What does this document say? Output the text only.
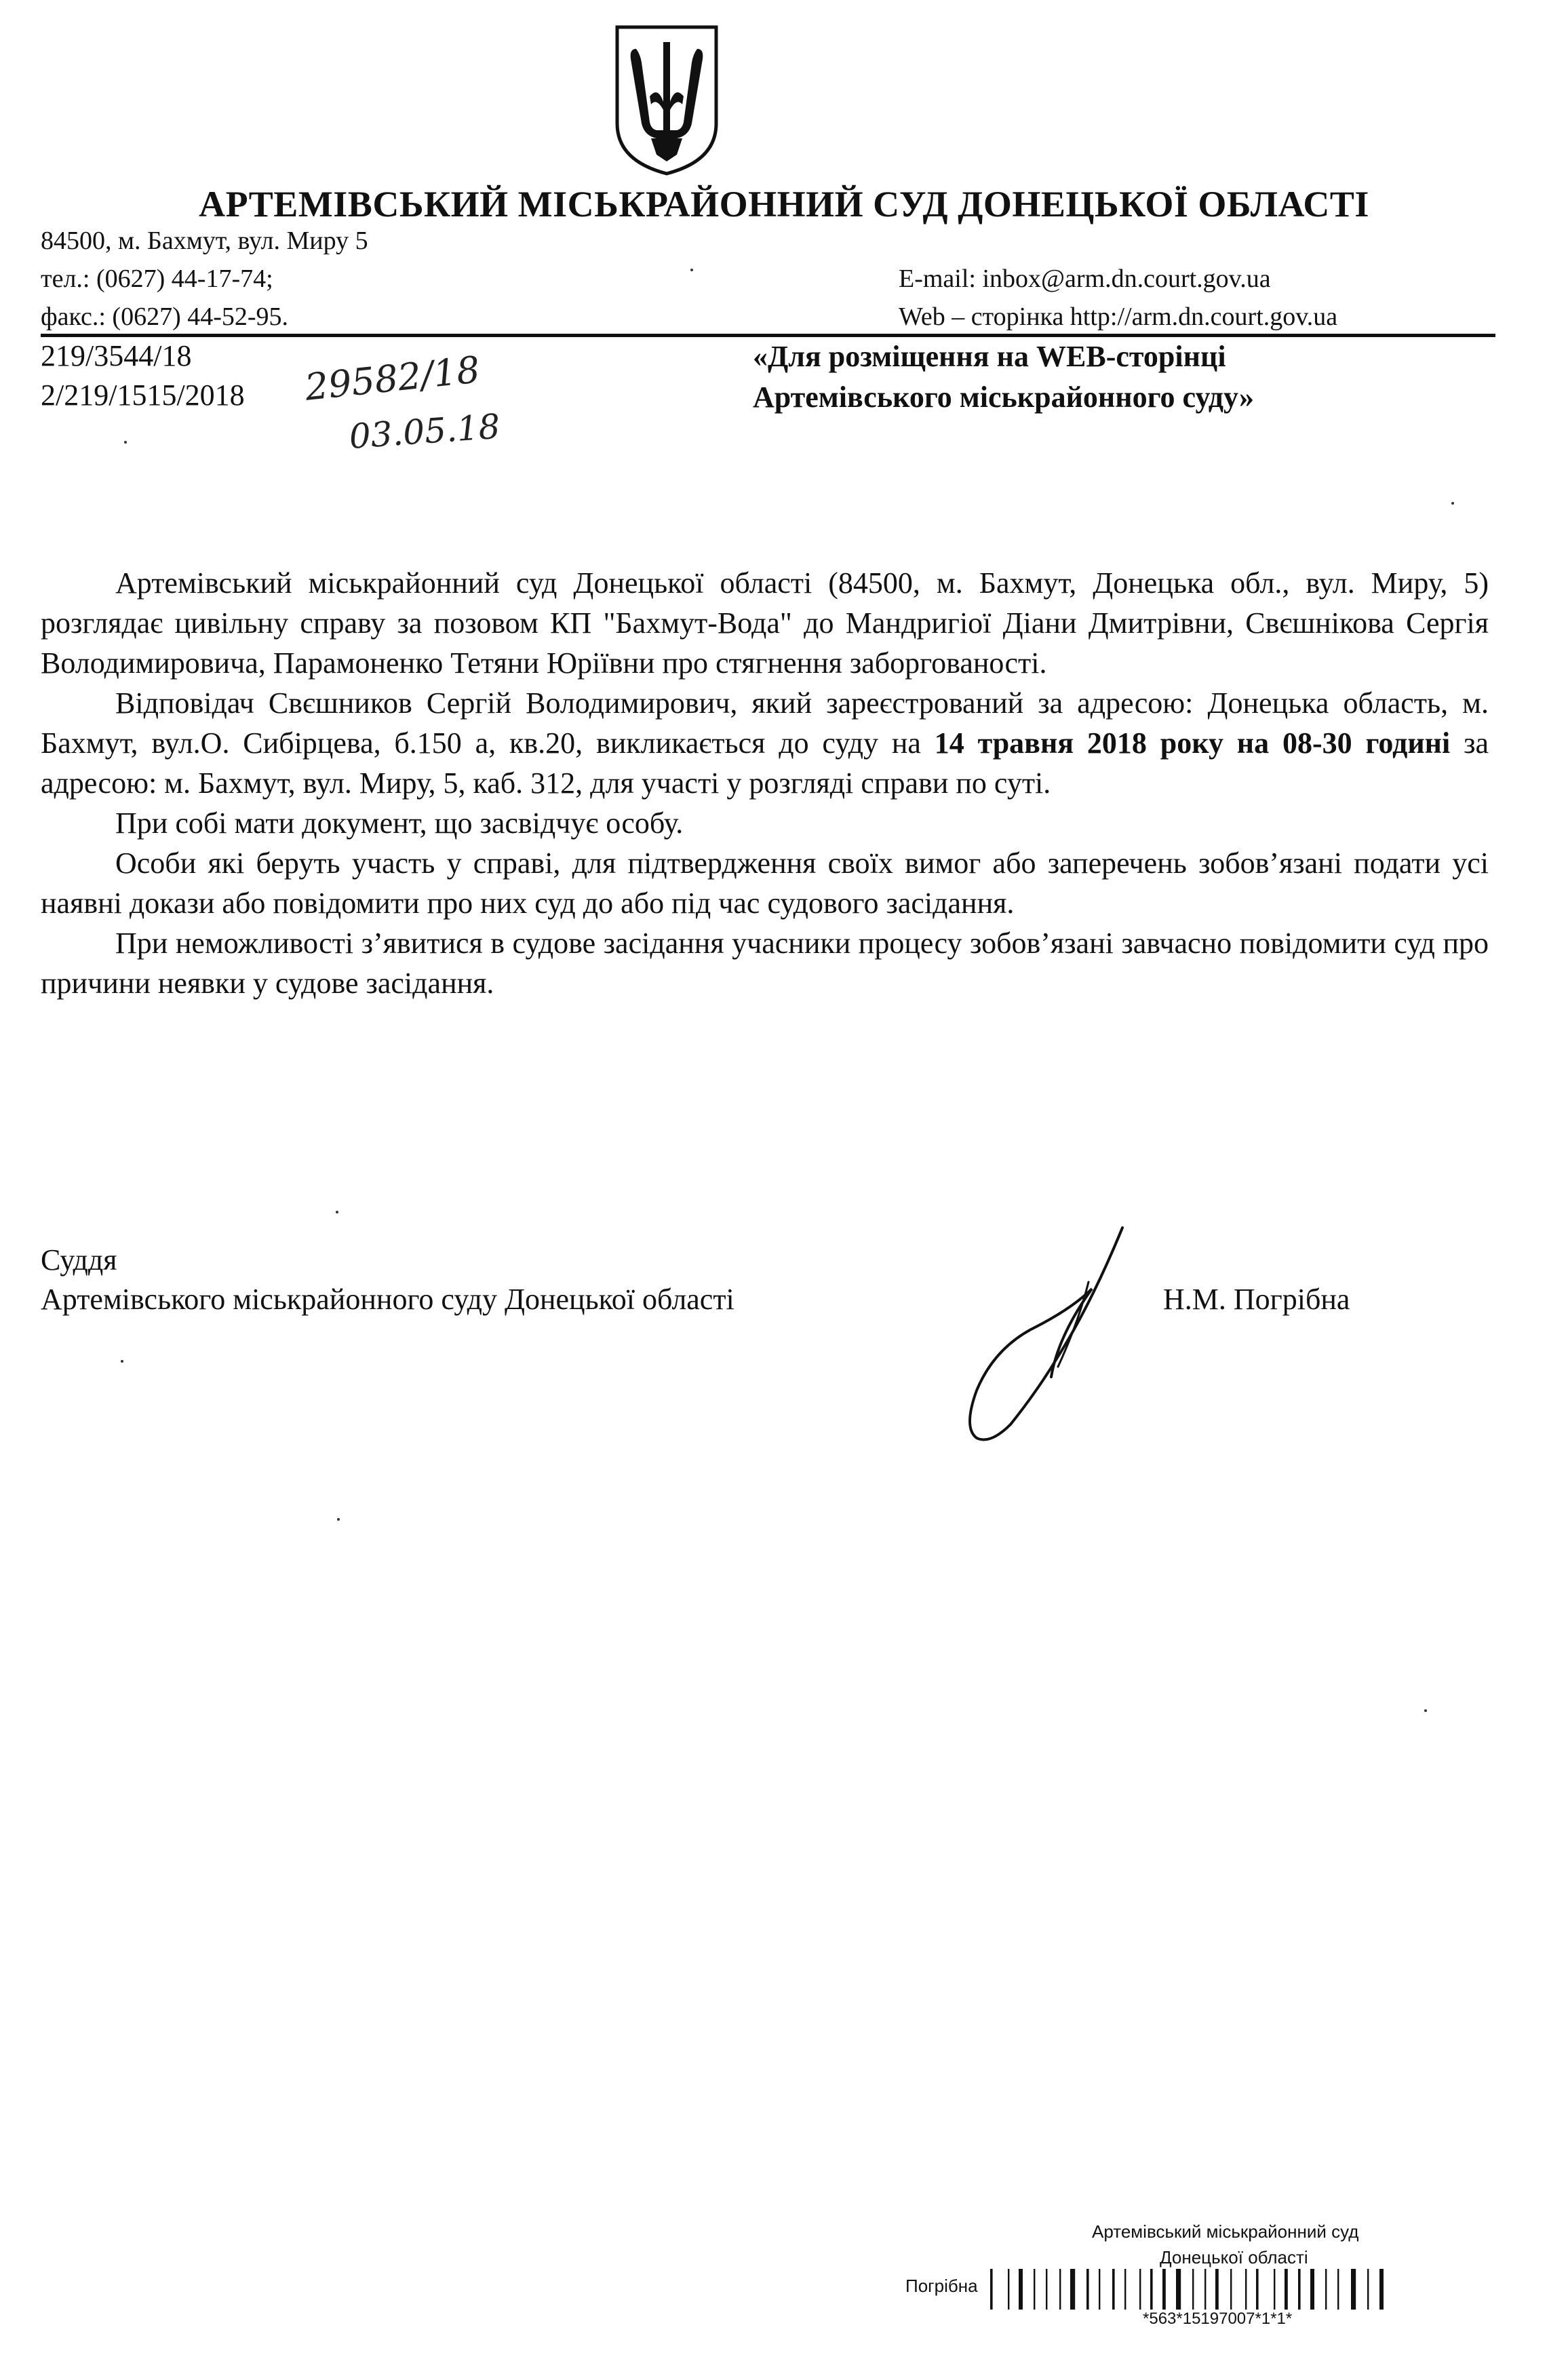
АРТЕМІВСЬКИЙ МІСЬКРАЙОННИЙ СУД ДОНЕЦЬКОЇ ОБЛАСТІ
84500, м. Бахмут, вул. Миру 5
тел.: (0627) 44-17-74;
факс.: (0627) 44-52-95.
E-mail: inbox@arm.dn.court.gov.ua
Web – сторінка http://arm.dn.court.gov.ua
219/3544/18
2/219/1515/2018 29582/18
03.05.18
«Для розміщення на WEB-сторінці
Артемівського міськрайонного суду»

Артемівський міськрайонний суд Донецької області (84500, м. Бахмут, Донецька обл., вул. Миру, 5) розглядає цивільну справу за позовом КП "Бахмут-Вода" до Мандригіої Діани Дмитрівни, Свєшнікова Сергія Володимировича, Парамоненко Тетяни Юріївни про стягнення заборгованості.

Відповідач Свєшников Сергій Володимирович, який зареєстрований за адресою: Донецька область, м. Бахмут, вул.О. Сибірцева, б.150 а, кв.20, викликається до суду на 14 травня 2018 року на 08-30 годині за адресою: м. Бахмут, вул. Миру, 5, каб. 312, для участі у розгляді справи по суті.

При собі мати документ, що засвідчує особу.

Особи які беруть участь у справі, для підтвердження своїх вимог або заперечень зобов’язані подати усі наявні докази або повідомити про них суд до або під час судового засідання.

При неможливості з’явитися в судове засідання учасники процесу зобов’язані завчасно повідомити суд про причини неявки у судове засідання.

Суддя
Артемівського міськрайонного суду Донецької області	Н.М. Погрібна
Артемівський міськрайонний суд
Донецької області
Погрібна
*563*15197007*1*1*
